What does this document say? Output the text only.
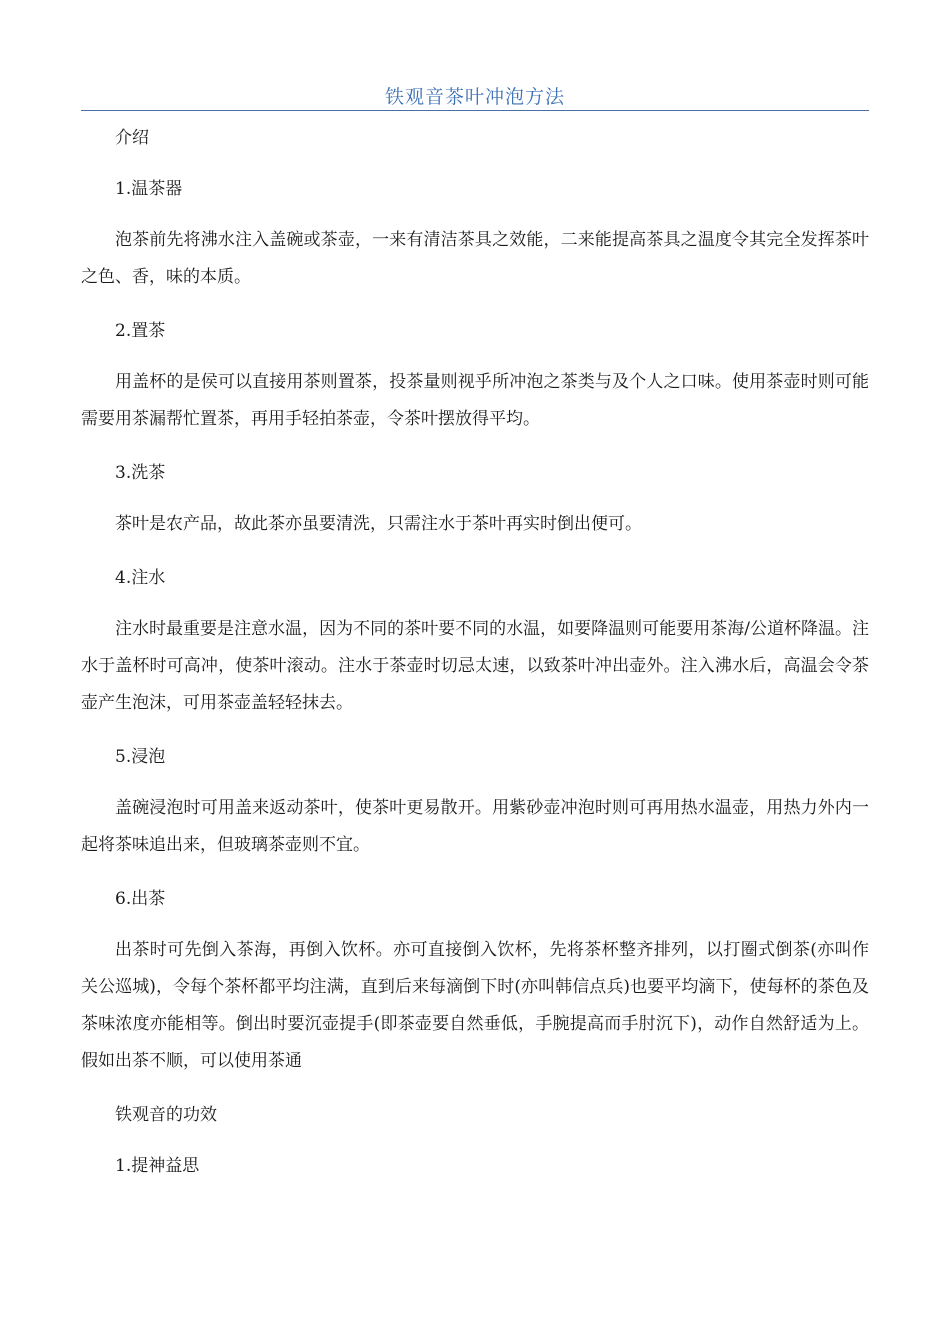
铁观音茶叶冲泡方法

介绍

1.温茶器

泡茶前先将沸水注入盖碗或茶壶，一来有清洁茶具之效能，二来能提高茶具之温度令其完全发挥茶叶之色、香，味的本质。

2.置茶

用盖杯的是侯可以直接用茶则置茶，投茶量则视乎所冲泡之茶类与及个人之口味。使用茶壶时则可能需要用茶漏帮忙置茶，再用手轻拍茶壶，令茶叶摆放得平均。

3.洗茶

茶叶是农产品，故此茶亦虽要清洗，只需注水于茶叶再实时倒出便可。

4.注水

注水时最重要是注意水温，因为不同的茶叶要不同的水温，如要降温则可能要用茶海/公道杯降温。注水于盖杯时可高冲，使茶叶滚动。注水于茶壶时切忌太速，以致茶叶冲出壶外。注入沸水后，高温会令茶壶产生泡沫，可用茶壶盖轻轻抹去。

5.浸泡

盖碗浸泡时可用盖来返动茶叶，使茶叶更易散开。用紫砂壶冲泡时则可再用热水温壶，用热力外内一起将茶味追出来，但玻璃茶壶则不宜。

6.出茶

出茶时可先倒入茶海，再倒入饮杯。亦可直接倒入饮杯，先将茶杯整齐排列，以打圈式倒茶(亦叫作关公巡城)，令每个茶杯都平均注满，直到后来每滴倒下时(亦叫韩信点兵)也要平均滴下，使每杯的茶色及茶味浓度亦能相等。倒出时要沉壶提手(即茶壶要自然垂低，手腕提高而手肘沉下)，动作自然舒适为上。假如出茶不顺，可以使用茶通

铁观音的功效

1.提神益思
